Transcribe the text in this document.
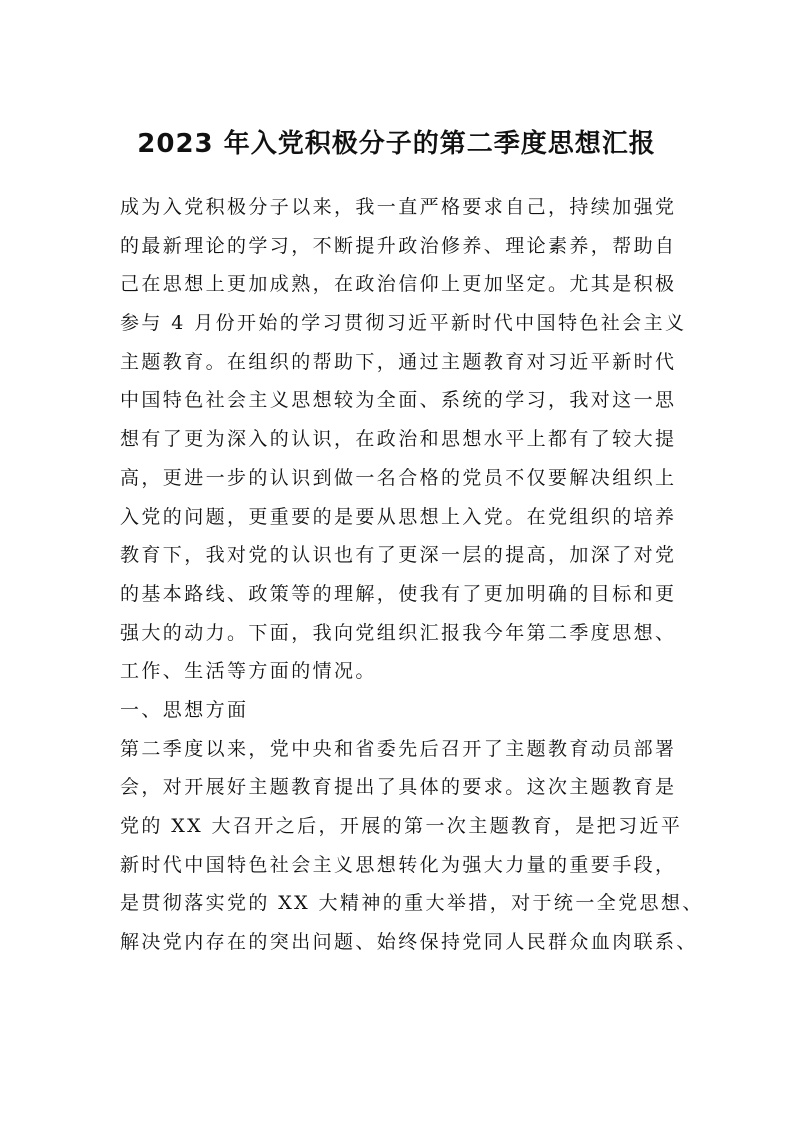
2023 年入党积极分子的第二季度思想汇报

成为入党积极分子以来，我一直严格要求自己，持续加强党

的最新理论的学习，不断提升政治修养、理论素养，帮助自

己在思想上更加成熟，在政治信仰上更加坚定。尤其是积极

参与 4 月份开始的学习贯彻习近平新时代中国特色社会主义

主题教育。在组织的帮助下，通过主题教育对习近平新时代

中国特色社会主义思想较为全面、系统的学习，我对这一思

想有了更为深入的认识，在政治和思想水平上都有了较大提

高，更进一步的认识到做一名合格的党员不仅要解决组织上

入党的问题，更重要的是要从思想上入党。在党组织的培养

教育下，我对党的认识也有了更深一层的提高，加深了对党

的基本路线、政策等的理解，使我有了更加明确的目标和更

强大的动力。下面，我向党组织汇报我今年第二季度思想、

工作、生活等方面的情况。

一、思想方面

第二季度以来，党中央和省委先后召开了主题教育动员部署

会，对开展好主题教育提出了具体的要求。这次主题教育是

党的 XX 大召开之后，开展的第一次主题教育，是把习近平

新时代中国特色社会主义思想转化为强大力量的重要手段，

是贯彻落实党的 XX 大精神的重大举措，对于统一全党思想、

解决党内存在的突出问题、始终保持党同人民群众血肉联系、
